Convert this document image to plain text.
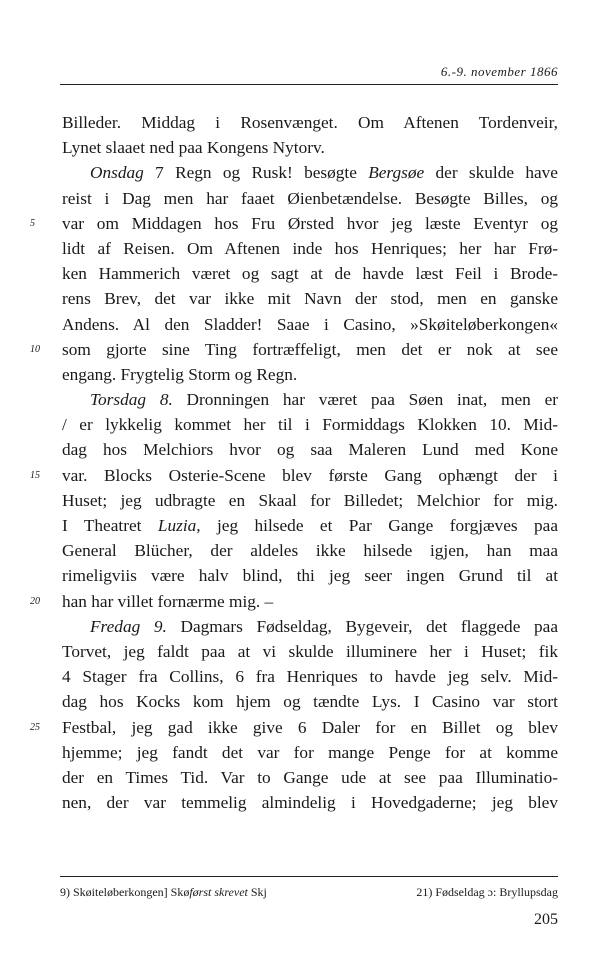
6.-9. november 1866
Billeder. Middag i Rosenvænget. Om Aftenen Tordenveir,
Lynet slaaet ned paa Kongens Nytorv.
Onsdag 7 Regn og Rusk! besøgte Bergsøe der skulde have
reist i Dag men har faaet Øienbetændelse. Besøgte Billes, og
5	var om Middagen hos Fru Ørsted hvor jeg læste Eventyr og
lidt af Reisen. Om Aftenen inde hos Henriques; her har Frø-
ken Hammerich været og sagt at de havde læst Feil i Brode-
rens Brev, det var ikke mit Navn der stod, men en ganske
Andens. Al den Sladder! Saae i Casino, »Skøiteløberkongen«
10	som gjorte sine Ting fortræffeligt, men det er nok at see
engang. Frygtelig Storm og Regn.
Torsdag 8. Dronningen har været paa Søen inat, men er
/ er lykkelig kommet her til i Formiddags Klokken 10. Mid-
dag hos Melchiors hvor og saa Maleren Lund med Kone
15	var. Blocks Osterie-Scene blev første Gang ophængt der i
Huset; jeg udbragte en Skaal for Billedet; Melchior for mig.
I Theatret Luzia, jeg hilsede et Par Gange forgjæves paa
General Blücher, der aldeles ikke hilsede igjen, han maa
rimeligviis være halv blind, thi jeg seer ingen Grund til at
20	han har villet fornærme mig. –
Fredag 9. Dagmars Fødseldag, Bygeveir, det flaggede paa
Torvet, jeg faldt paa at vi skulde illuminere her i Huset; fik
4 Stager fra Collins, 6 fra Henriques to havde jeg selv. Mid-
dag hos Kocks kom hjem og tændte Lys. I Casino var stort
25	Festbal, jeg gad ikke give 6 Daler for en Billet og blev
hjemme; jeg fandt det var for mange Penge for at komme
der en Times Tid. Var to Gange ude at see paa Illuminatio-
nen, der var temmelig almindelig i Hovedgaderne; jeg blev
9) Skøiteløberkongen] Skøførst skrevet Skj	21) Fødseldag ɔ: Bryllupsdag
205
